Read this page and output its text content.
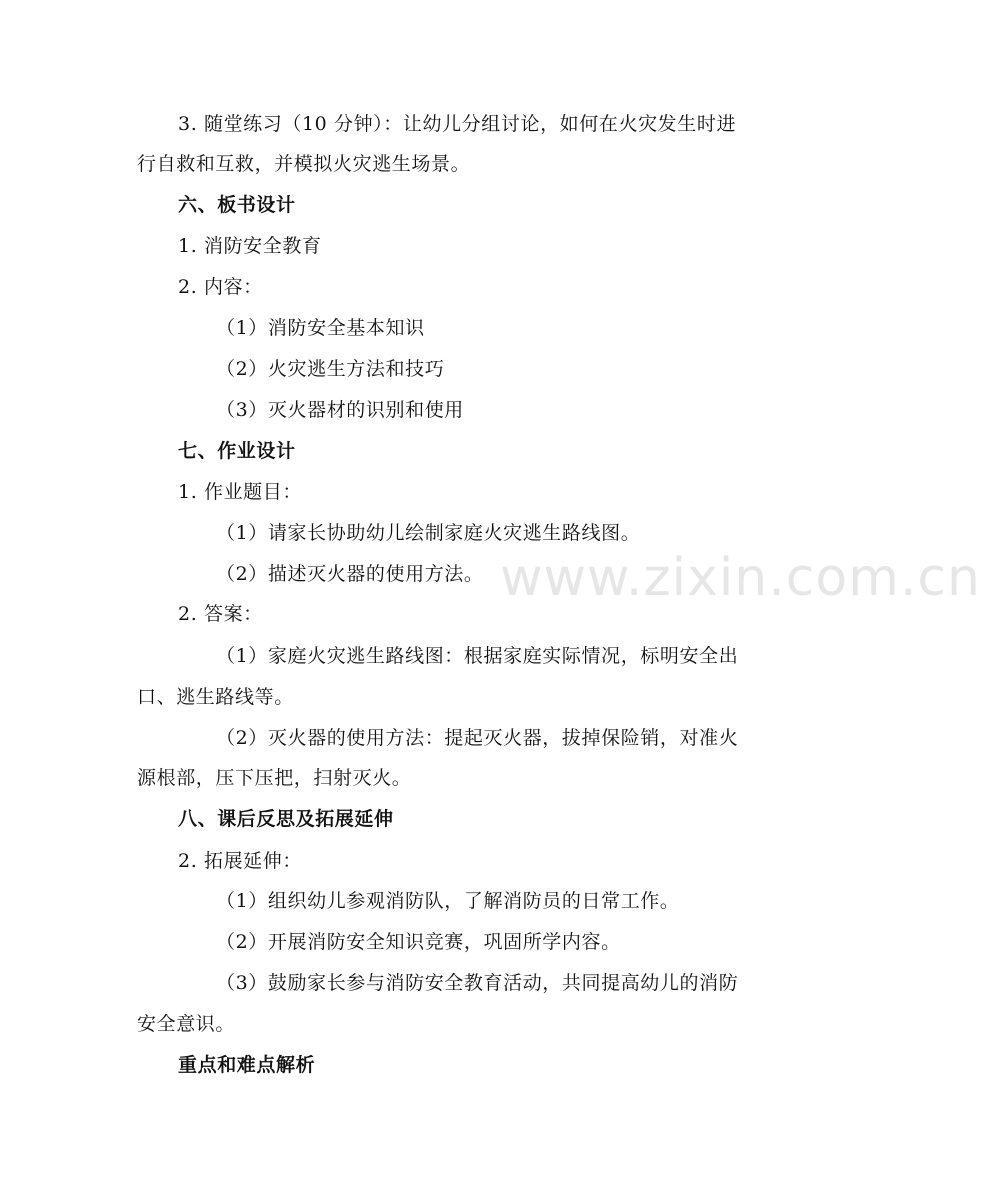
www.zixin.com.cn
3. 随堂练习（10 分钟）：让幼儿分组讨论，如何在火灾发生时进
行自救和互救，并模拟火灾逃生场景。
六、板书设计
1. 消防安全教育
2. 内容：
（1）消防安全基本知识
（2）火灾逃生方法和技巧
（3）灭火器材的识别和使用
七、作业设计
1. 作业题目：
（1）请家长协助幼儿绘制家庭火灾逃生路线图。
（2）描述灭火器的使用方法。
2. 答案：
（1）家庭火灾逃生路线图：根据家庭实际情况，标明安全出
口、逃生路线等。
（2）灭火器的使用方法：提起灭火器，拔掉保险销，对准火
源根部，压下压把，扫射灭火。
八、课后反思及拓展延伸
2. 拓展延伸：
（1）组织幼儿参观消防队，了解消防员的日常工作。
（2）开展消防安全知识竞赛，巩固所学内容。
（3）鼓励家长参与消防安全教育活动，共同提高幼儿的消防
安全意识。
重点和难点解析
